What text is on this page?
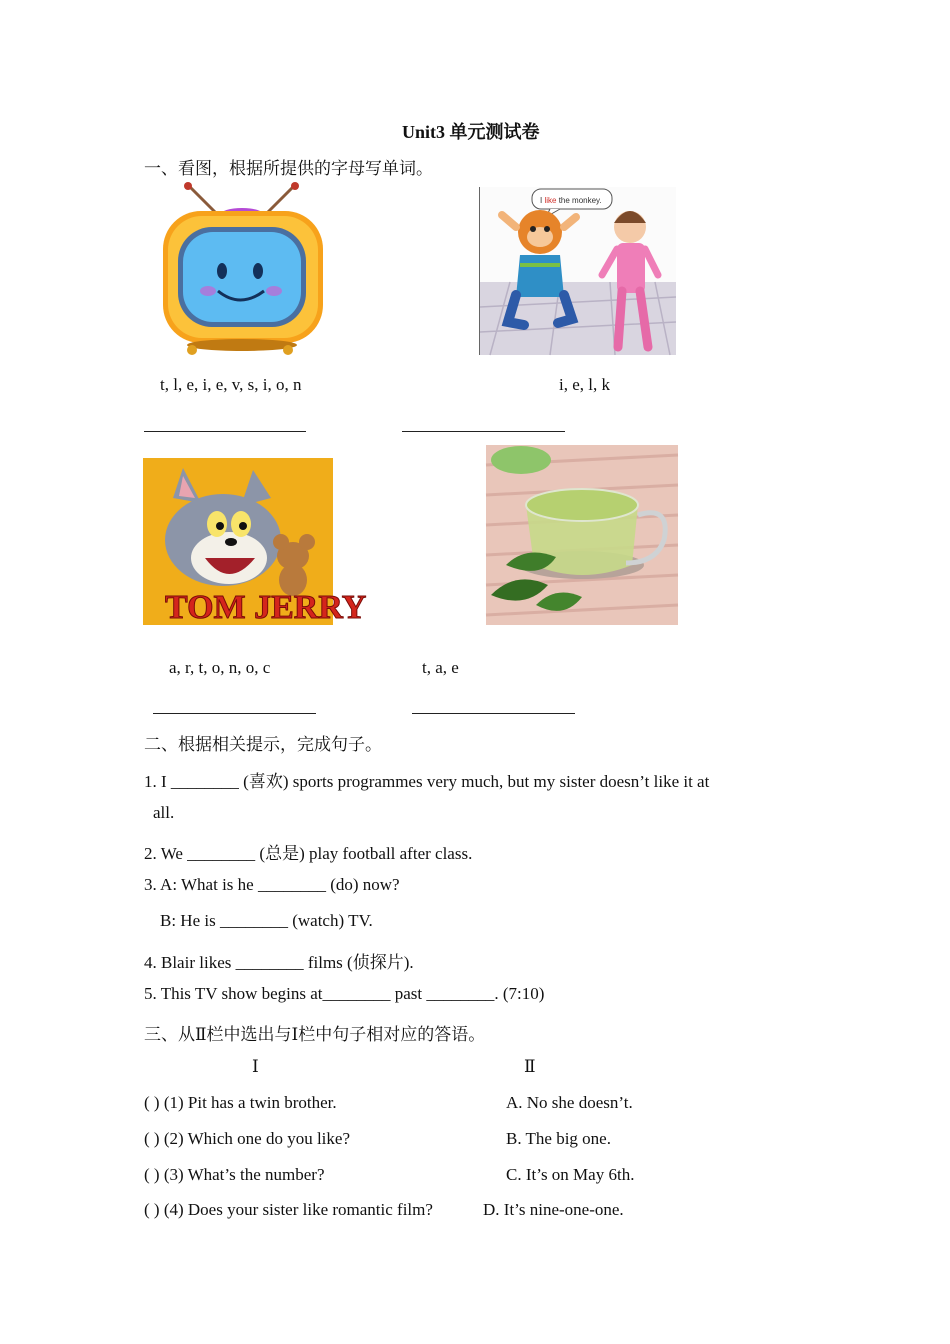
Unit3 单元测试卷
一、看图，根据所提供的字母写单词。
I like the monkey.
t, l, e, i, e, v, s, i, o, n	i, e, l, k
TOM JERRY
a, r, t, o, n, o, c	t, a, e
二、根据相关提示，完成句子。
1. I ________ (喜欢) sports programmes very much, but my sister doesn’t like it at
all.
2. We ________ (总是) play football after class.
3. A: What is he ________ (do) now?
B: He is ________ (watch) TV.
4. Blair likes ________ films (侦探片).
5. This TV show begins at________ past ________. (7:10)
三、从Ⅱ栏中选出与Ⅰ栏中句子相对应的答语。
Ⅰ	Ⅱ
( ) (1) Pit has a twin brother.	A. No she doesn’t.
( ) (2) Which one do you like?	B. The big one.
( ) (3) What’s the number?	C. It’s on May 6th.
( ) (4) Does your sister like romantic film?	D. It’s nine-one-one.
